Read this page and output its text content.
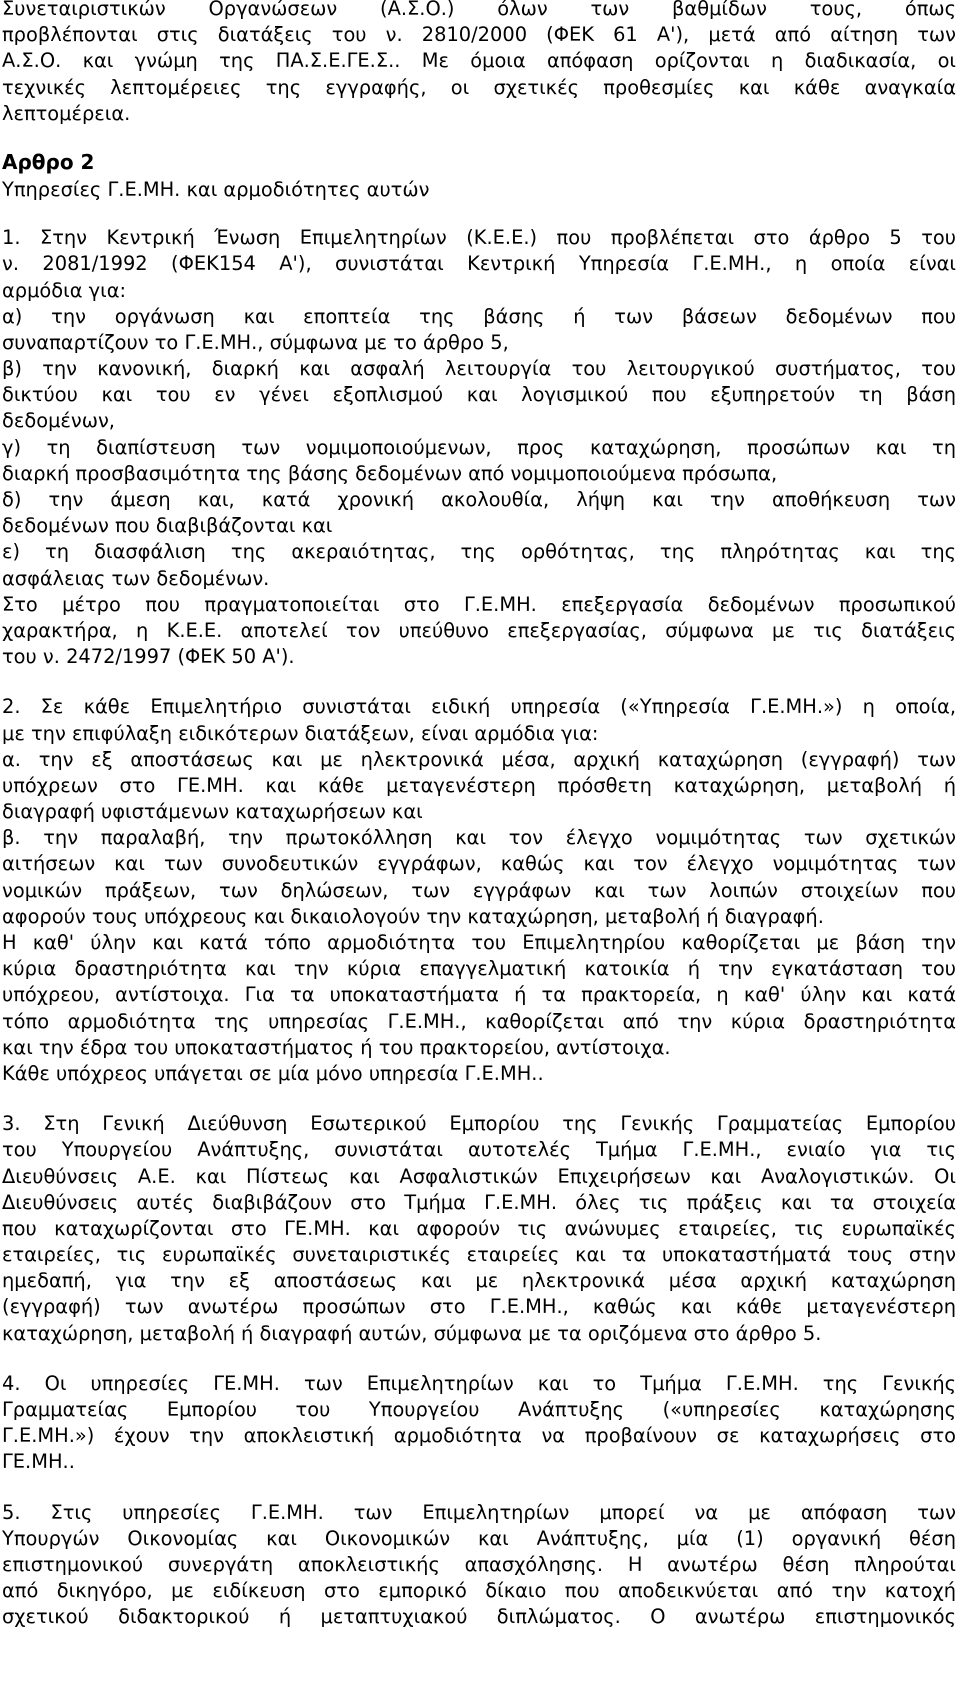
Συνεταιριστικών Οργανώσεων (Α.Σ.Ο.) όλων των βαθμίδων τους, όπως
προβλέπονται στις διατάξεις του ν. 2810/2000 (ΦΕΚ 61 Α'), μετά από αίτηση των
Α.Σ.Ο. και γνώμη της ΠΑ.Σ.Ε.ΓΕ.Σ.. Με όμοια απόφαση ορίζονται η διαδικασία, οι
τεχνικές λεπτομέρειες της εγγραφής, οι σχετικές προθεσμίες και κάθε αναγκαία
λεπτομέρεια.
Αρθρο 2
Υπηρεσίες Γ.Ε.ΜΗ. και αρμοδιότητες αυτών
1. Στην Κεντρική Ένωση Επιμελητηρίων (Κ.Ε.Ε.) που προβλέπεται στο άρθρο 5 του
ν. 2081/1992 (ΦΕΚ154 Α'), συνιστάται Κεντρική Υπηρεσία Γ.Ε.ΜΗ., η οποία είναι
αρμόδια για:
α) την οργάνωση και εποπτεία της βάσης ή των βάσεων δεδομένων που
συναπαρτίζουν το Γ.Ε.ΜΗ., σύμφωνα με το άρθρο 5,
β) την κανονική, διαρκή και ασφαλή λειτουργία του λειτουργικού συστήματος, του
δικτύου και του εν γένει εξοπλισμού και λογισμικού που εξυπηρετούν τη βάση
δεδομένων,
γ) τη διαπίστευση των νομιμοποιούμενων, προς καταχώρηση, προσώπων και τη
διαρκή προσβασιμότητα της βάσης δεδομένων από νομιμοποιούμενα πρόσωπα,
δ) την άμεση και, κατά χρονική ακολουθία, λήψη και την αποθήκευση των
δεδομένων που διαβιβάζονται και
ε) τη διασφάλιση της ακεραιότητας, της ορθότητας, της πληρότητας και της
ασφάλειας των δεδομένων.
Στο μέτρο που πραγματοποιείται στο Γ.Ε.ΜΗ. επεξεργασία δεδομένων προσωπικού
χαρακτήρα, η Κ.Ε.Ε. αποτελεί τον υπεύθυνο επεξεργασίας, σύμφωνα με τις διατάξεις
του ν. 2472/1997 (ΦΕΚ 50 Α').
2. Σε κάθε Επιμελητήριο συνιστάται ειδική υπηρεσία («Υπηρεσία Γ.Ε.ΜΗ.») η οποία,
με την επιφύλαξη ειδικότερων διατάξεων, είναι αρμόδια για:
α. την εξ αποστάσεως και με ηλεκτρονικά μέσα, αρχική καταχώρηση (εγγραφή) των
υπόχρεων στο ΓΕ.ΜΗ. και κάθε μεταγενέστερη πρόσθετη καταχώρηση, μεταβολή ή
διαγραφή υφιστάμενων καταχωρήσεων και
β. την παραλαβή, την πρωτοκόλληση και τον έλεγχο νομιμότητας των σχετικών
αιτήσεων και των συνοδευτικών εγγράφων, καθώς και τον έλεγχο νομιμότητας των
νομικών πράξεων, των δηλώσεων, των εγγράφων και των λοιπών στοιχείων που
αφορούν τους υπόχρεους και δικαιολογούν την καταχώρηση, μεταβολή ή διαγραφή.
Η καθ' ύλην και κατά τόπο αρμοδιότητα του Επιμελητηρίου καθορίζεται με βάση την
κύρια δραστηριότητα και την κύρια επαγγελματική κατοικία ή την εγκατάσταση του
υπόχρεου, αντίστοιχα. Για τα υποκαταστήματα ή τα πρακτορεία, η καθ' ύλην και κατά
τόπο αρμοδιότητα της υπηρεσίας Γ.Ε.ΜΗ., καθορίζεται από την κύρια δραστηριότητα
και την έδρα του υποκαταστήματος ή του πρακτορείου, αντίστοιχα.
Κάθε υπόχρεος υπάγεται σε μία μόνο υπηρεσία Γ.Ε.ΜΗ..
3. Στη Γενική Διεύθυνση Εσωτερικού Εμπορίου της Γενικής Γραμματείας Εμπορίου
του Υπουργείου Ανάπτυξης, συνιστάται αυτοτελές Τμήμα Γ.Ε.ΜΗ., ενιαίο για τις
Διευθύνσεις Α.Ε. και Πίστεως και Ασφαλιστικών Επιχειρήσεων και Αναλογιστικών. Οι
Διευθύνσεις αυτές διαβιβάζουν στο Τμήμα Γ.Ε.ΜΗ. όλες τις πράξεις και τα στοιχεία
που καταχωρίζονται στο ΓΕ.ΜΗ. και αφορούν τις ανώνυμες εταιρείες, τις ευρωπαϊκές
εταιρείες, τις ευρωπαϊκές συνεταιριστικές εταιρείες και τα υποκαταστήματά τους στην
ημεδαπή, για την εξ αποστάσεως και με ηλεκτρονικά μέσα αρχική καταχώρηση
(εγγραφή) των ανωτέρω προσώπων στο Γ.Ε.ΜΗ., καθώς και κάθε μεταγενέστερη
καταχώρηση, μεταβολή ή διαγραφή αυτών, σύμφωνα με τα οριζόμενα στο άρθρο 5.
4. Οι υπηρεσίες ΓΕ.ΜΗ. των Επιμελητηρίων και το Τμήμα Γ.Ε.ΜΗ. της Γενικής
Γραμματείας Εμπορίου του Υπουργείου Ανάπτυξης («υπηρεσίες καταχώρησης
Γ.Ε.ΜΗ.») έχουν την αποκλειστική αρμοδιότητα να προβαίνουν σε καταχωρήσεις στο
ΓΕ.ΜΗ..
5. Στις υπηρεσίες Γ.Ε.ΜΗ. των Επιμελητηρίων μπορεί να με απόφαση των
Υπουργών Οικονομίας και Οικονομικών και Ανάπτυξης, μία (1) οργανική θέση
επιστημονικού συνεργάτη αποκλειστικής απασχόλησης. Η ανωτέρω θέση πληρούται
από δικηγόρο, με ειδίκευση στο εμπορικό δίκαιο που αποδεικνύεται από την κατοχή
σχετικού διδακτορικού ή μεταπτυχιακού διπλώματος. Ο ανωτέρω επιστημονικός
